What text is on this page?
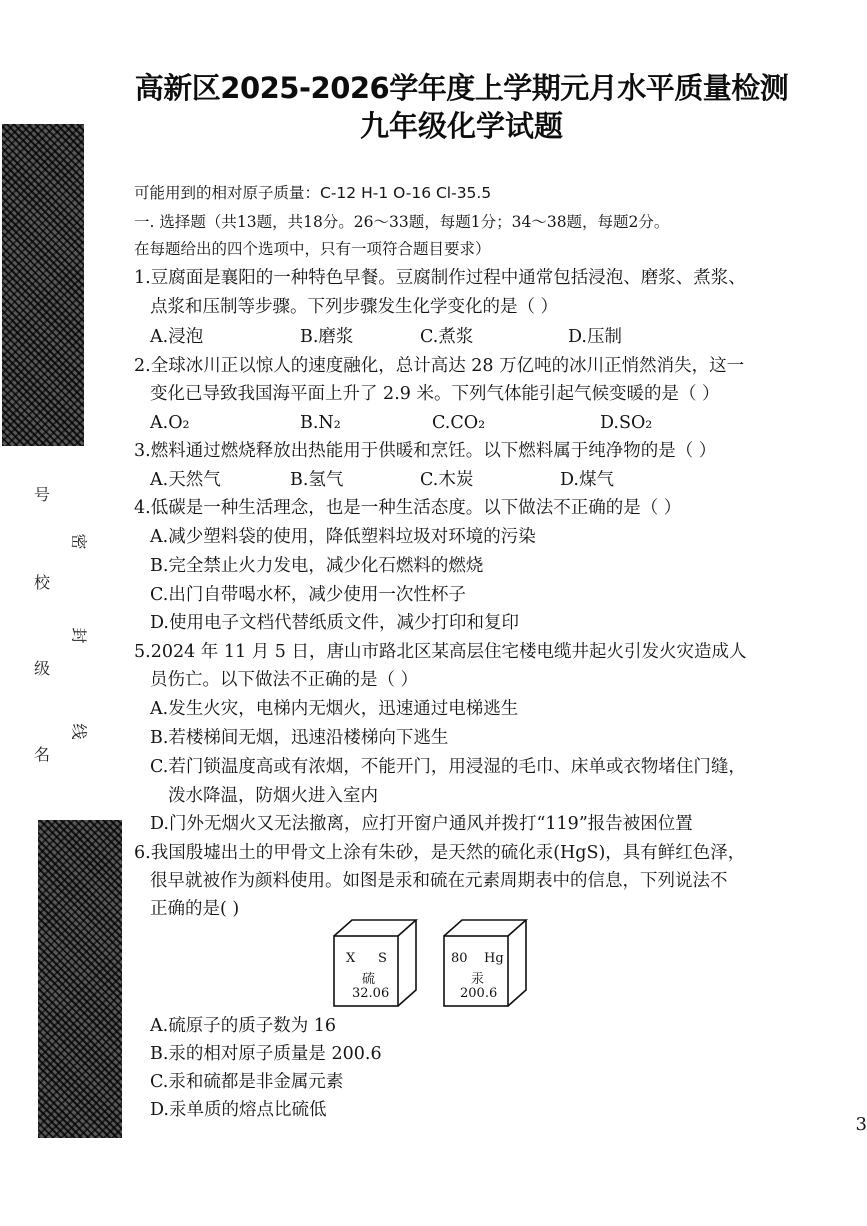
号
校
级
名
密
封
线
高新区2025-2026学年度上学期元月水平质量检测
九年级化学试题
可能用到的相对原子质量：C-12 H-1 O-16 Cl-35.5
一. 选择题（共13题，共18分。26～33题，每题1分；34～38题，每题2分。
在每题给出的四个选项中，只有一项符合题目要求）
1.豆腐面是襄阳的一种特色早餐。豆腐制作过程中通常包括浸泡、磨浆、煮浆、
点浆和压制等步骤。下列步骤发生化学变化的是（ ）
A.浸泡	B.磨浆	C.煮浆	D.压制
2.全球冰川正以惊人的速度融化，总计高达 28 万亿吨的冰川正悄然消失，这一
变化已导致我国海平面上升了 2.9 米。下列气体能引起气候变暖的是（ ）
A.O₂	B.N₂	C.CO₂	D.SO₂
3.燃料通过燃烧释放出热能用于供暖和烹饪。以下燃料属于纯净物的是（ ）
A.天然气	B.氢气	C.木炭	D.煤气
4.低碳是一种生活理念，也是一种生活态度。以下做法不正确的是（ ）
A.减少塑料袋的使用，降低塑料垃圾对环境的污染
B.完全禁止火力发电，减少化石燃料的燃烧
C.出门自带喝水杯，减少使用一次性杯子
D.使用电子文档代替纸质文件，减少打印和复印
5.2024 年 11 月 5 日，唐山市路北区某高层住宅楼电缆井起火引发火灾造成人
员伤亡。以下做法不正确的是（ ）
A.发生火灾，电梯内无烟火，迅速通过电梯逃生
B.若楼梯间无烟，迅速沿楼梯向下逃生
C.若门锁温度高或有浓烟，不能开门，用浸湿的毛巾、床单或衣物堵住门缝，
泼水降温，防烟火进入室内
D.门外无烟火又无法撤离，应打开窗户通风并拨打“119”报告被困位置
6.我国殷墟出土的甲骨文上涂有朱砂，是天然的硫化汞(HgS)，具有鲜红色泽，
很早就被作为颜料使用。如图是汞和硫在元素周期表中的信息，下列说法不
正确的是( )
X S
硫
32.06
80 Hg
汞
200.6
A.硫原子的质子数为 16
B.汞的相对原子质量是 200.6
C.汞和硫都是非金属元素
D.汞单质的熔点比硫低
3
